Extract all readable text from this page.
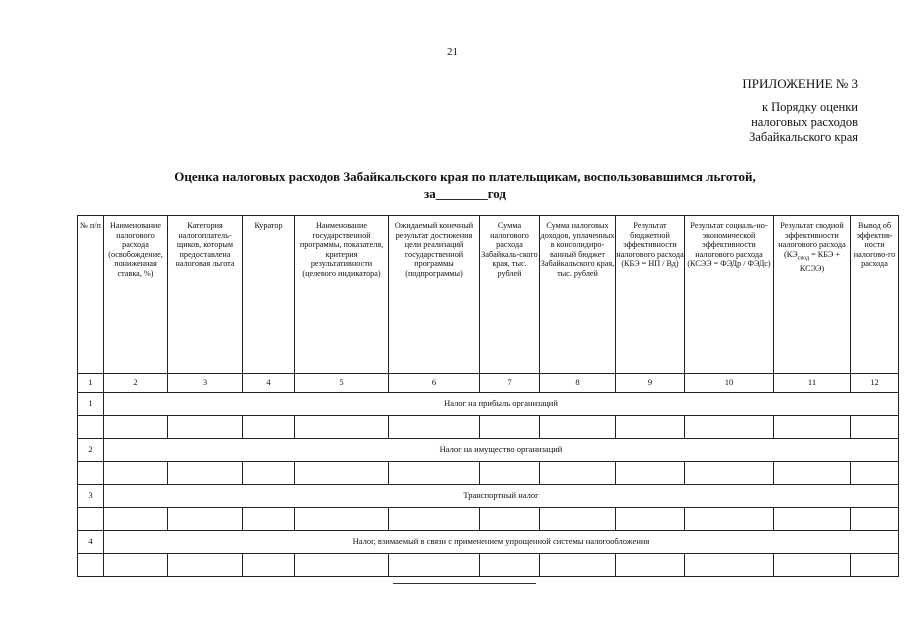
21
ПРИЛОЖЕНИЕ № 3
к Порядку оценки
налоговых расходов
Забайкальского края
Оценка налоговых расходов Забайкальского края по плательщикам, воспользовавшимся льготой,
за________год
№ п/п	Наименование налогового расхода (освобождение, пониженная ставка, %)	Категория налогоплатель-щиков, которым предоставлена налоговая льгота	Куратор	Наименование государственной программы, показателя, критерия результативности (целевого индикатора)	Ожидаемый конечный результат достижения цели реализаций государственной программы (подпрограммы)	Сумма налогового расхода Забайкаль-ского края, тыс. рублей	Сумма налоговых доходов, уплаченных в консолидиро-ванный бюджет Забайкальского края, тыс. рублей	Результат бюджетной эффективности налогового расхода (КБЭ = НП / Вд)	Результат социаль-но-экономической эффективности налогового расхода (КСЭЭ = ФЭДр / ФЭДс)	Результат сводной эффективности налогового расхода ($КЭ_{свод}$ = КБЭ + КСЭЭ)	Вывод об эффектив-ности налогово-го расхода
1	2	3	4	5	6	7	8	9	10	11	12
1	Налог на прибыль организаций										

2	Налог на имущество организаций										

3	Транспортный налог										

4	Налог, взимаемый в связи с применением упрощенной системы налогообложения										
